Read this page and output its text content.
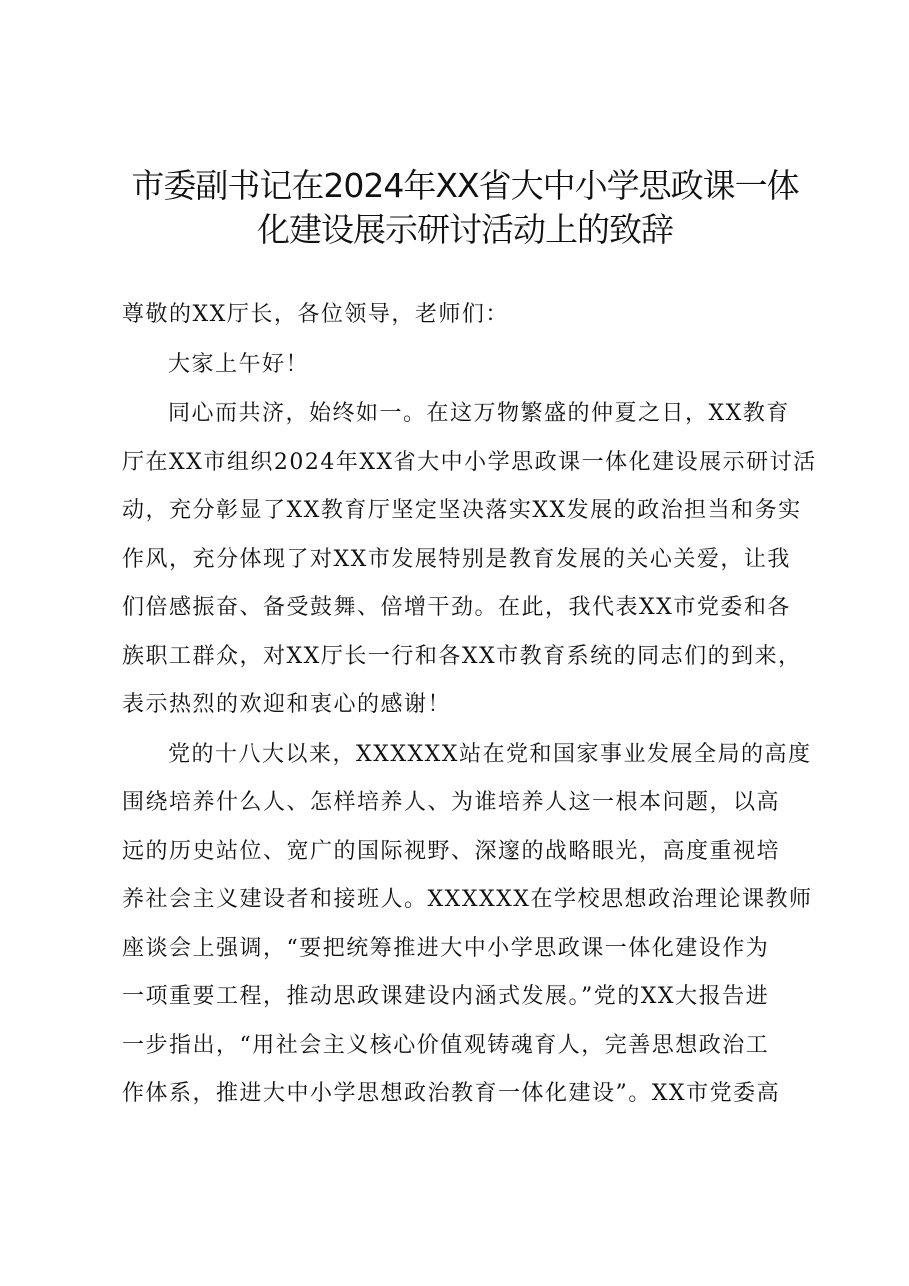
市委副书记在2024年XX省大中小学思政课一体
化建设展示研讨活动上的致辞

尊敬的XX厅长，各位领导，老师们：

大家上午好！

同心而共济，始终如一。在这万物繁盛的仲夏之日，XX教育
厅在XX市组织2024年XX省大中小学思政课一体化建设展示研讨活
动，充分彰显了XX教育厅坚定坚决落实XX发展的政治担当和务实
作风，充分体现了对XX市发展特别是教育发展的关心关爱，让我
们倍感振奋、备受鼓舞、倍增干劲。在此，我代表XX市党委和各
族职工群众，对XX厅长一行和各XX市教育系统的同志们的到来，
表示热烈的欢迎和衷心的感谢！

党的十八大以来，XXXXXX站在党和国家事业发展全局的高度
围绕培养什么人、怎样培养人、为谁培养人这一根本问题，以高
远的历史站位、宽广的国际视野、深邃的战略眼光，高度重视培
养社会主义建设者和接班人。XXXXXX在学校思想政治理论课教师
座谈会上强调，“要把统筹推进大中小学思政课一体化建设作为
一项重要工程，推动思政课建设内涵式发展。”党的XX大报告进
一步指出，“用社会主义核心价值观铸魂育人，完善思想政治工
作体系，推进大中小学思想政治教育一体化建设”。XX市党委高
